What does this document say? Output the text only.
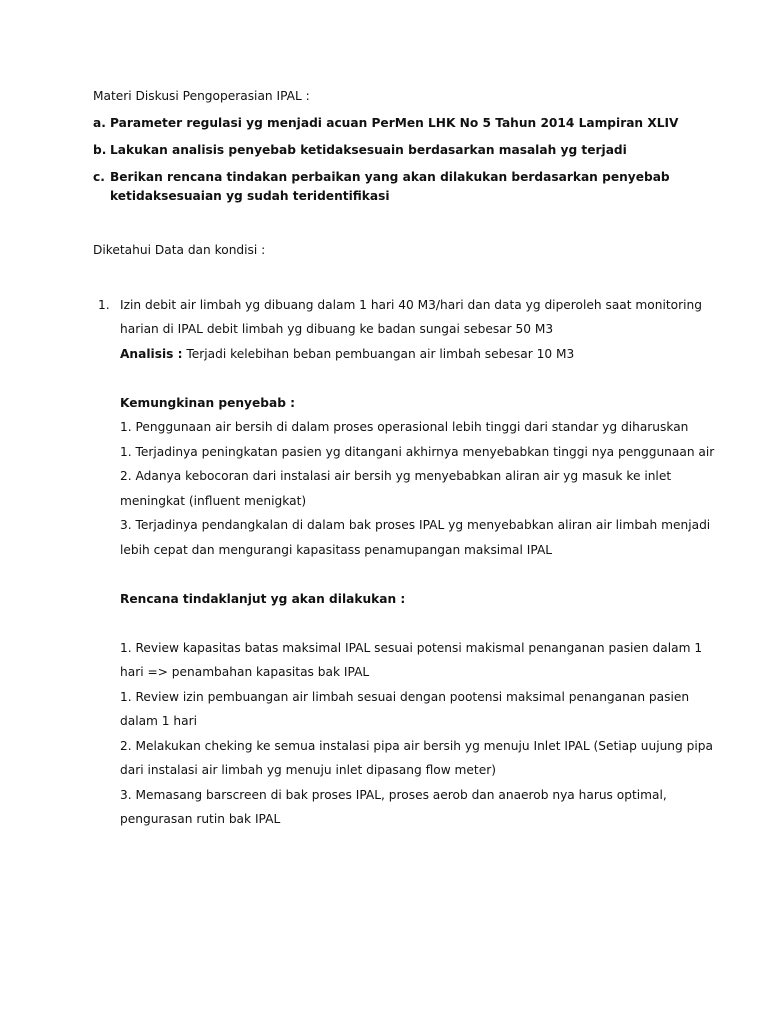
Materi Diskusi Pengoperasian IPAL :
a. Parameter regulasi yg menjadi acuan PerMen LHK No 5 Tahun 2014 Lampiran XLIV
b. Lakukan analisis penyebab ketidaksesuain berdasarkan masalah yg terjadi
c. Berikan rencana tindakan perbaikan yang akan dilakukan berdasarkan penyebab
ketidaksesuaian yg sudah teridentifikasi
Diketahui Data dan kondisi :
1. Izin debit air limbah yg dibuang dalam 1 hari 40 M3/hari dan data yg diperoleh saat monitoring
harian di IPAL debit limbah yg dibuang ke badan sungai sebesar 50 M3
Analisis : Terjadi kelebihan beban pembuangan air limbah sebesar 10 M3
Kemungkinan penyebab :
1. Penggunaan air bersih di dalam proses operasional lebih tinggi dari standar yg diharuskan
1. Terjadinya peningkatan pasien yg ditangani akhirnya menyebabkan tinggi nya penggunaan air
2. Adanya kebocoran dari instalasi air bersih yg menyebabkan aliran air yg masuk ke inlet
meningkat (influent menigkat)
3. Terjadinya pendangkalan di dalam bak proses IPAL yg menyebabkan aliran air limbah menjadi
lebih cepat dan mengurangi kapasitass penamupangan maksimal IPAL
Rencana tindaklanjut yg akan dilakukan :
1. Review kapasitas batas maksimal IPAL sesuai potensi makismal penanganan pasien dalam 1
hari => penambahan kapasitas bak IPAL
1. Review izin pembuangan air limbah sesuai dengan pootensi maksimal penanganan pasien
dalam 1 hari
2. Melakukan cheking ke semua instalasi pipa air bersih yg menuju Inlet IPAL (Setiap uujung pipa
dari instalasi air limbah yg menuju inlet dipasang flow meter)
3. Memasang barscreen di bak proses IPAL, proses aerob dan anaerob nya harus optimal,
pengurasan rutin bak IPAL
